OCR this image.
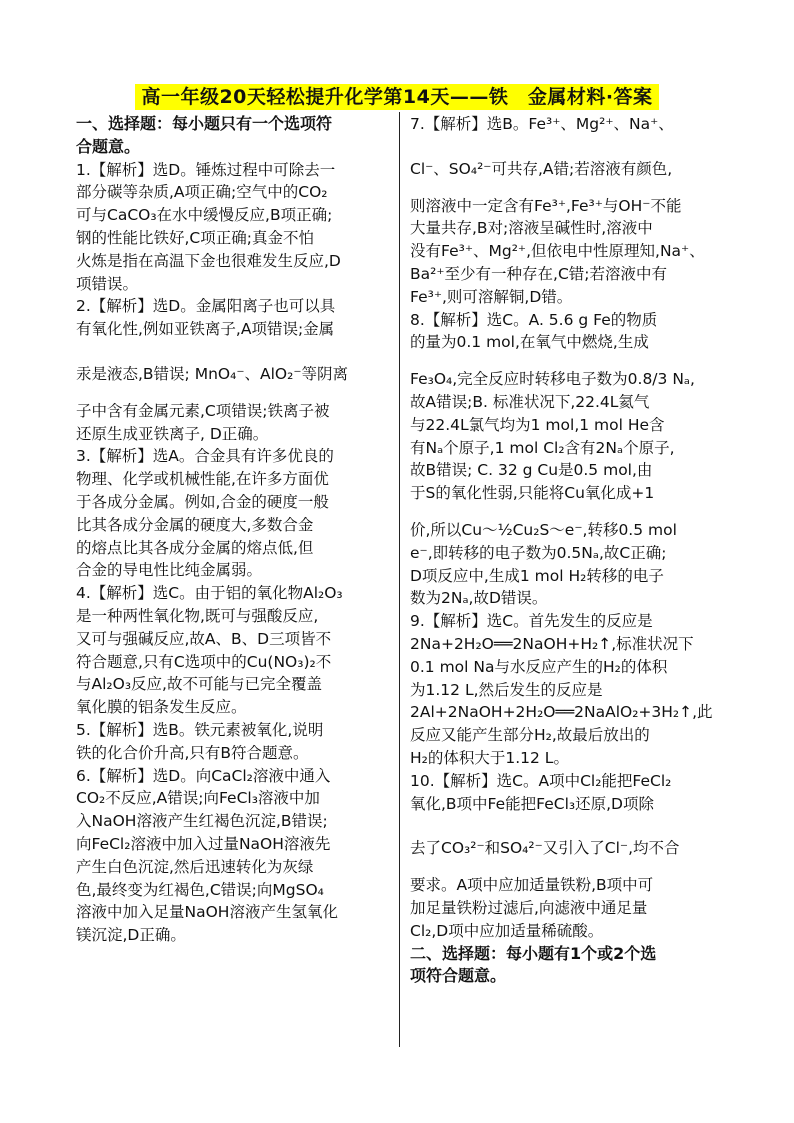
高一年级20天轻松提升化学第14天——铁　金属材料·答案

一、选择题：每小题只有一个选项符

合题意。

1.【解析】选D。锤炼过程中可除去一

部分碳等杂质,A项正确;空气中的CO₂

可与CaCO₃在水中缓慢反应,B项正确;

钢的性能比铁好,C项正确;真金不怕

火炼是指在高温下金也很难发生反应,D

项错误。

2.【解析】选D。金属阳离子也可以具

有氧化性,例如亚铁离子,A项错误;金属

汞是液态,B错误; MnO₄⁻、AlO₂⁻等阴离

子中含有金属元素,C项错误;铁离子被

还原生成亚铁离子, D正确。

3.【解析】选A。合金具有许多优良的

物理、化学或机械性能,在许多方面优

于各成分金属。例如,合金的硬度一般

比其各成分金属的硬度大,多数合金

的熔点比其各成分金属的熔点低,但

合金的导电性比纯金属弱。

4.【解析】选C。由于铝的氧化物Al₂O₃

是一种两性氧化物,既可与强酸反应,

又可与强碱反应,故A、B、D三项皆不

符合题意,只有C选项中的Cu(NO₃)₂不

与Al₂O₃反应,故不可能与已完全覆盖

氧化膜的铝条发生反应。

5.【解析】选B。铁元素被氧化,说明

铁的化合价升高,只有B符合题意。

6.【解析】选D。向CaCl₂溶液中通入

CO₂不反应,A错误;向FeCl₃溶液中加

入NaOH溶液产生红褐色沉淀,B错误;

向FeCl₂溶液中加入过量NaOH溶液先

产生白色沉淀,然后迅速转化为灰绿

色,最终变为红褐色,C错误;向MgSO₄

溶液中加入足量NaOH溶液产生氢氧化

镁沉淀,D正确。

7.【解析】选B。Fe³⁺、Mg²⁺、Na⁺、

Cl⁻、SO₄²⁻可共存,A错;若溶液有颜色,

则溶液中一定含有Fe³⁺,Fe³⁺与OH⁻不能

大量共存,B对;溶液呈碱性时,溶液中

没有Fe³⁺、Mg²⁺,但依电中性原理知,Na⁺、

Ba²⁺至少有一种存在,C错;若溶液中有

Fe³⁺,则可溶解铜,D错。

8.【解析】选C。A. 5.6 g Fe的物质

的量为0.1 mol,在氧气中燃烧,生成

Fe₃O₄,完全反应时转移电子数为0.8/3 Nₐ,

故A错误;B. 标准状况下,22.4L氦气

与22.4L氯气均为1 mol,1 mol He含

有Nₐ个原子,1 mol Cl₂含有2Nₐ个原子,

故B错误; C. 32 g Cu是0.5 mol,由

于S的氧化性弱,只能将Cu氧化成+1

价,所以Cu～½Cu₂S～e⁻,转移0.5 mol

e⁻,即转移的电子数为0.5Nₐ,故C正确;

D项反应中,生成1 mol H₂转移的电子

数为2Nₐ,故D错误。

9.【解析】选C。首先发生的反应是

2Na+2H₂O══2NaOH+H₂↑,标准状况下

0.1 mol Na与水反应产生的H₂的体积

为1.12 L,然后发生的反应是

2Al+2NaOH+2H₂O══2NaAlO₂+3H₂↑,此

反应又能产生部分H₂,故最后放出的

H₂的体积大于1.12 L。

10.【解析】选C。A项中Cl₂能把FeCl₂

氧化,B项中Fe能把FeCl₃还原,D项除

去了CO₃²⁻和SO₄²⁻又引入了Cl⁻,均不合

要求。A项中应加适量铁粉,B项中可

加足量铁粉过滤后,向滤液中通足量

Cl₂,D项中应加适量稀硫酸。

二、选择题：每小题有1个或2个选

项符合题意。
